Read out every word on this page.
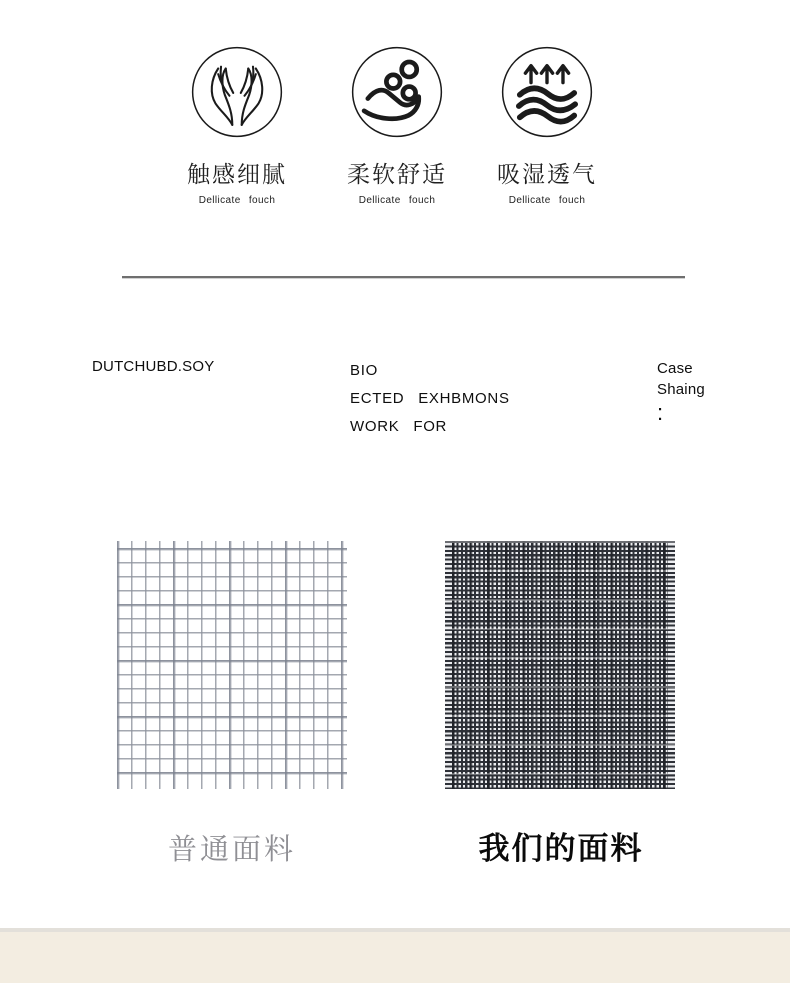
触感细腻
Dellicate fouch
柔软舒适
Dellicate fouch
吸湿透气
Dellicate fouch
DUTCHUBD.SOY	BIO
ECTED EXHBMONS
WORK FOR
Case
Shaing
:
普通面料	我们的面料
